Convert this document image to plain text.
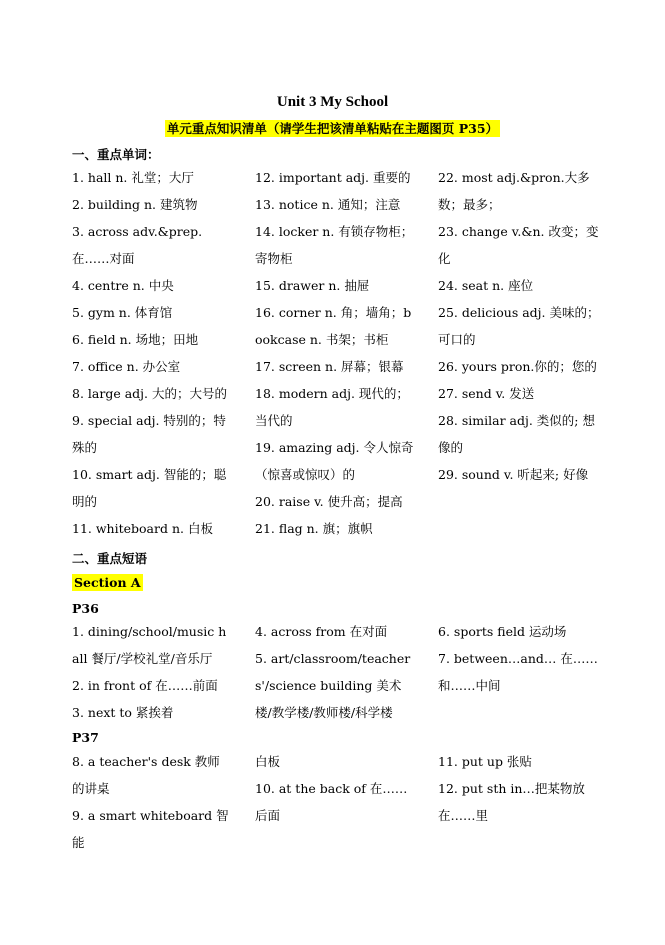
Unit 3 My School
单元重点知识清单（请学生把该清单粘贴在主题图页 P35）
一、重点单词：
1. hall n. 礼堂；大厅
2. building n. 建筑物
3. across adv.&prep. 在……对面
4. centre n. 中央
5. gym n. 体育馆
6. field n. 场地；田地
7. office n. 办公室
8. large adj. 大的；大号的
9. special adj. 特别的；特殊的
10. smart adj. 智能的；聪明的
11. whiteboard n. 白板
12. important adj. 重要的
13. notice n. 通知；注意
14. locker n. 有锁存物柜；寄物柜
15. drawer n. 抽屉
16. corner n. 角；墙角；bookcase n. 书架；书柜
17. screen n. 屏幕；银幕
18. modern adj. 现代的；当代的
19. amazing adj. 令人惊奇（惊喜或惊叹）的
20. raise v. 使升高；提高
21. flag n. 旗；旗帜
22. most adj.&pron.大多数；最多；
23. change v.&n. 改变；变化
24. seat n. 座位
25. delicious adj. 美味的；可口的
26. yours pron.你的；您的
27. send v. 发送
28. similar adj. 类似的; 想像的
29. sound v. 听起来; 好像
二、重点短语
Section A
P36
1. dining/school/music hall 餐厅/学校礼堂/音乐厅
2. in front of 在……前面
3. next to 紧挨着
4. across from 在对面
5. art/classroom/teachers'/science building 美术楼/教学楼/教师楼/科学楼
6. sports field 运动场
7. between…and… 在……和……中间
P37
8. a teacher's desk 教师的讲桌
9. a smart whiteboard 智能
白板
10. at the back of 在……后面
11. put up 张贴
12. put sth in…把某物放在……里
